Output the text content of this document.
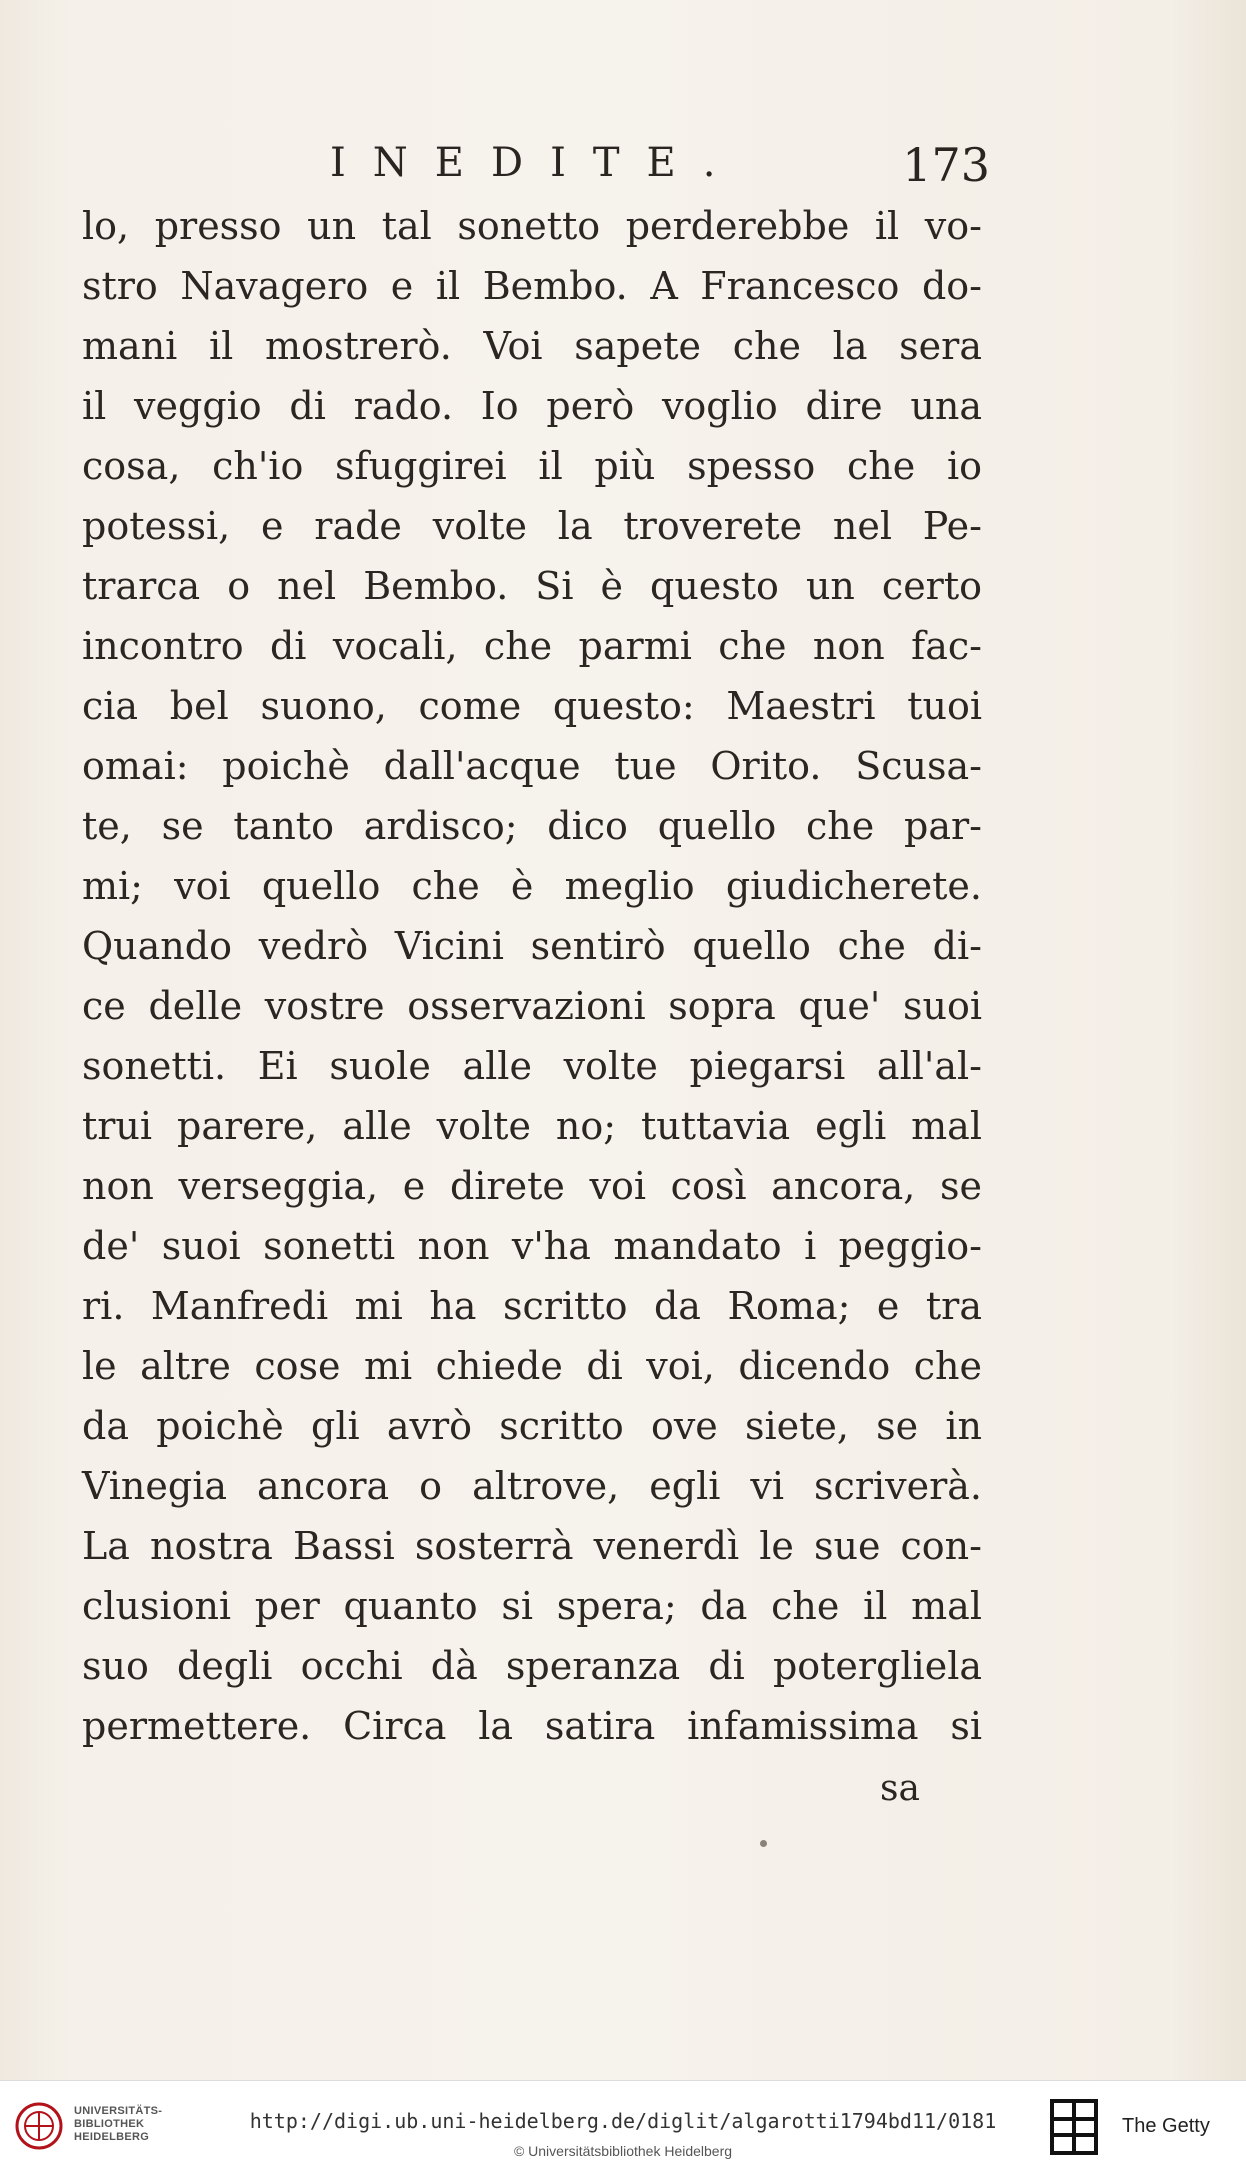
INEDITE.	173
lo, presso un tal sonetto perderebbe il vo-
stro Navagero e il Bembo. A Francesco do-
mani il mostrerò. Voi sapete che la sera
il veggio di rado. Io però voglio dire una
cosa, ch'io sfuggirei il più spesso che io
potessi, e rade volte la troverete nel Pe-
trarca o nel Bembo. Si è questo un certo
incontro di vocali, che parmi che non fac-
cia bel suono, come questo: Maestri tuoi
omai: poichè dall'acque tue Orito. Scusa-
te, se tanto ardisco; dico quello che par-
mi; voi quello che è meglio giudicherete.
Quando vedrò Vicini sentirò quello che di-
ce delle vostre osservazioni sopra que' suoi
sonetti. Ei suole alle volte piegarsi all'al-
trui parere, alle volte no; tuttavia egli mal
non verseggia, e direte voi così ancora, se
de' suoi sonetti non v'ha mandato i peggio-
ri. Manfredi mi ha scritto da Roma; e tra
le altre cose mi chiede di voi, dicendo che
da poichè gli avrò scritto ove siete, se in
Vinegia ancora o altrove, egli vi scriverà.
La nostra Bassi sosterrà venerdì le sue con-
clusioni per quanto si spera; da che il mal
suo degli occhi dà speranza di potergliela
permettere. Circa la satira infamissima si
sa
UNIVERSITÄTS-
BIBLIOTHEK
HEIDELBERG
http://digi.ub.uni-heidelberg.de/diglit/algarotti1794bd11/0181
© Universitätsbibliothek Heidelberg
The Getty
